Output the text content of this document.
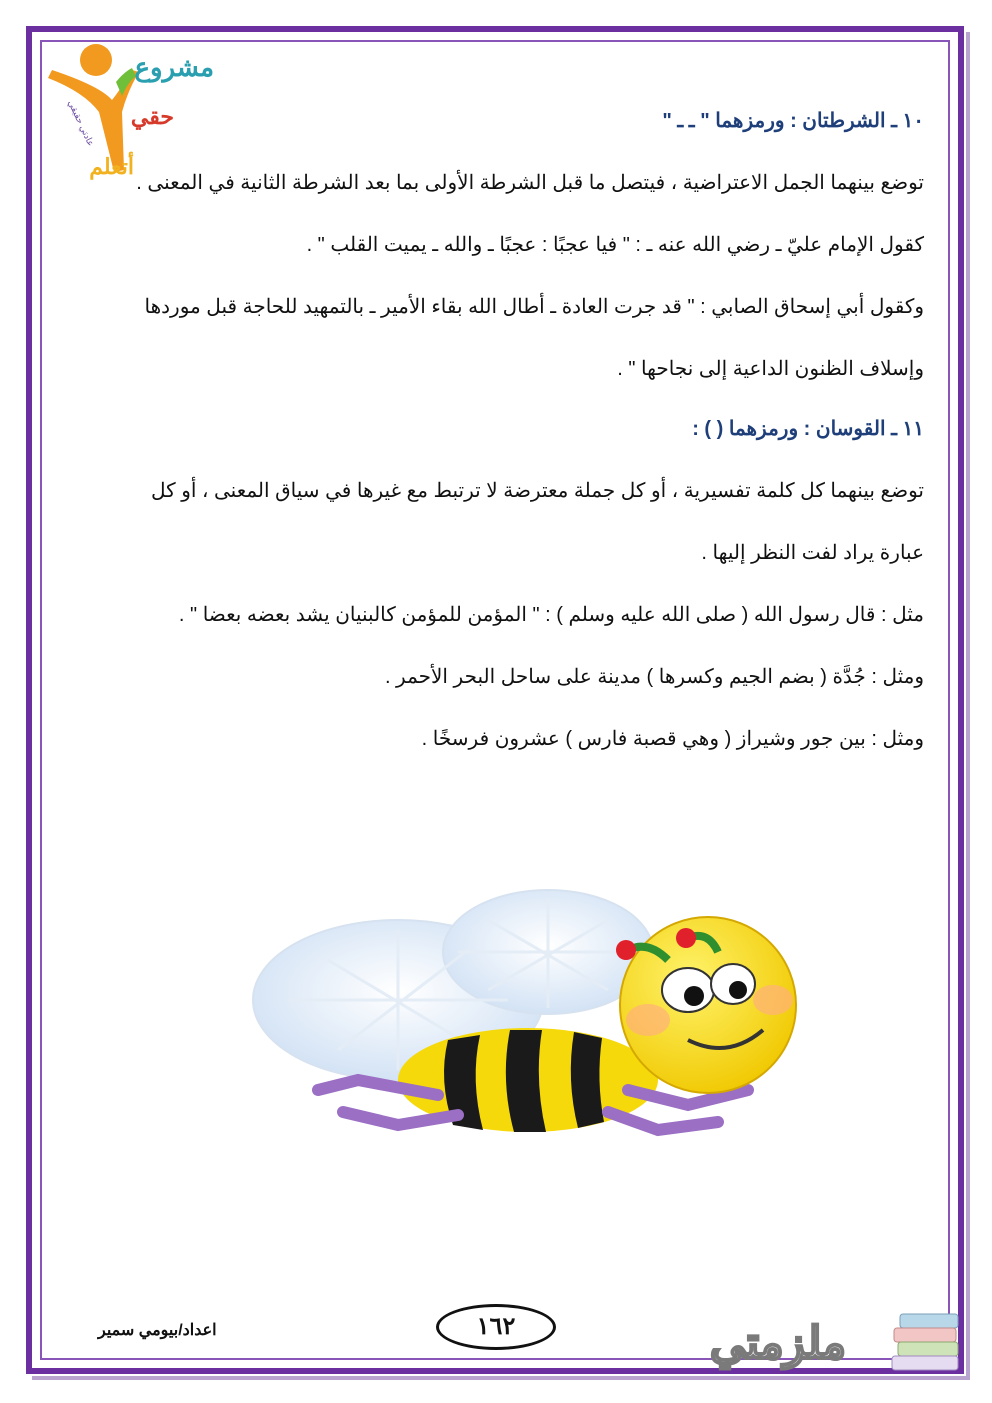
مشروع
حقي
أتعلم
عادتي حقيقي	١٠ ـ الشرطتان : ورمزهما " ـ ـ "
توضع بينهما الجمل الاعتراضية ، فيتصل ما قبل الشرطة الأولى بما بعد الشرطة الثانية في المعنى .
كقول الإمام عليّ ـ رضي الله عنه ـ : " فيا عجبًا : عجبًا ـ والله ـ يميت القلب " .
وكقول أبي إسحاق الصابي : " قد جرت العادة ـ أطال الله بقاء الأمير ـ بالتمهيد للحاجة قبل موردها
وإسلاف الظنون الداعية إلى نجاحها " .
١١ ـ القوسان : ورمزهما ( ) :
توضع بينهما كل كلمة تفسيرية ، أو كل جملة معترضة لا ترتبط مع غيرها في سياق المعنى ، أو كل
عبارة يراد لفت النظر إليها .
مثل : قال رسول الله ( صلى الله عليه وسلم ) : " المؤمن للمؤمن كالبنيان يشد بعضه بعضا " .
ومثل : جُدَّة ( بضم الجيم وكسرها ) مدينة على ساحل البحر الأحمر .
ومثل : بين جور وشيراز ( وهي قصبة فارس ) عشرون فرسخًا .
اعداد/بيومي سمير	١٦٢	ملزمتي
